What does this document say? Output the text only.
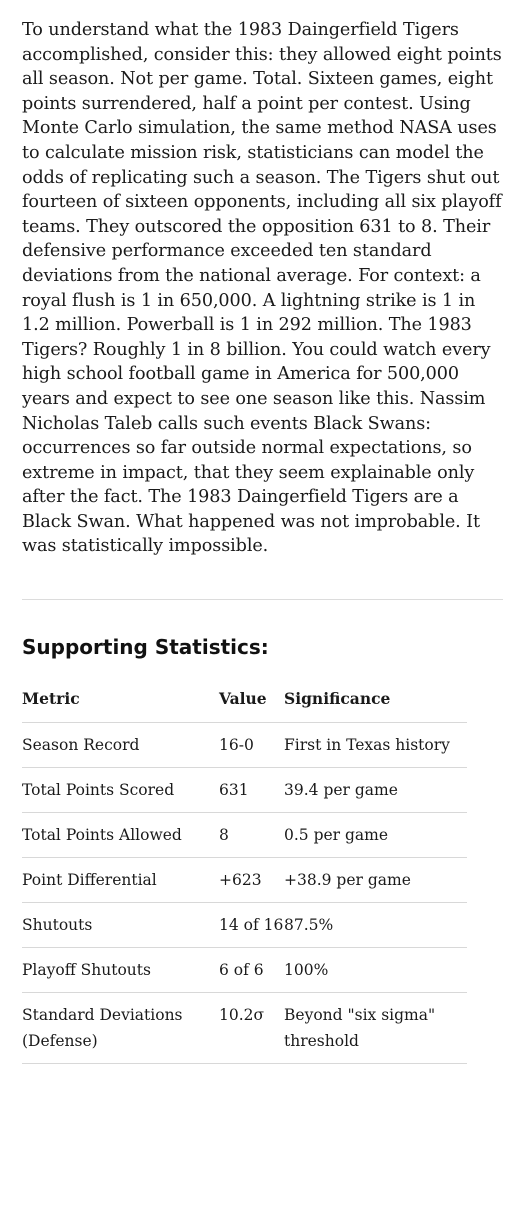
To understand what the 1983 Daingerfield Tigers accomplished, consider this: they allowed eight points all season. Not per game. Total. Sixteen games, eight points surrendered, half a point per contest. Using Monte Carlo simulation, the same method NASA uses to calculate mission risk, statisticians can model the odds of replicating such a season. The Tigers shut out fourteen of sixteen opponents, including all six playoff teams. They outscored the opposition 631 to 8. Their defensive performance exceeded ten standard deviations from the national average. For context: a royal flush is 1 in 650,000. A lightning strike is 1 in 1.2 million. Powerball is 1 in 292 million. The 1983 Tigers? Roughly 1 in 8 billion. You could watch every high school football game in America for 500,000 years and expect to see one season like this. Nassim Nicholas Taleb calls such events Black Swans: occurrences so far outside normal expectations, so extreme in impact, that they seem explainable only after the fact. The 1983 Daingerfield Tigers are a Black Swan. What happened was not improbable. It was statistically impossible.

Supporting Statistics:
Metric	Value	Significance
Season Record	16-0	First in Texas history
Total Points Scored	631	39.4 per game
Total Points Allowed	8	0.5 per game
Point Differential	+623	+38.9 per game
Shutouts	14 of 16	87.5%
Playoff Shutouts	6 of 6	100%
Standard Deviations (Defense)	10.2σ	Beyond "six sigma" threshold
